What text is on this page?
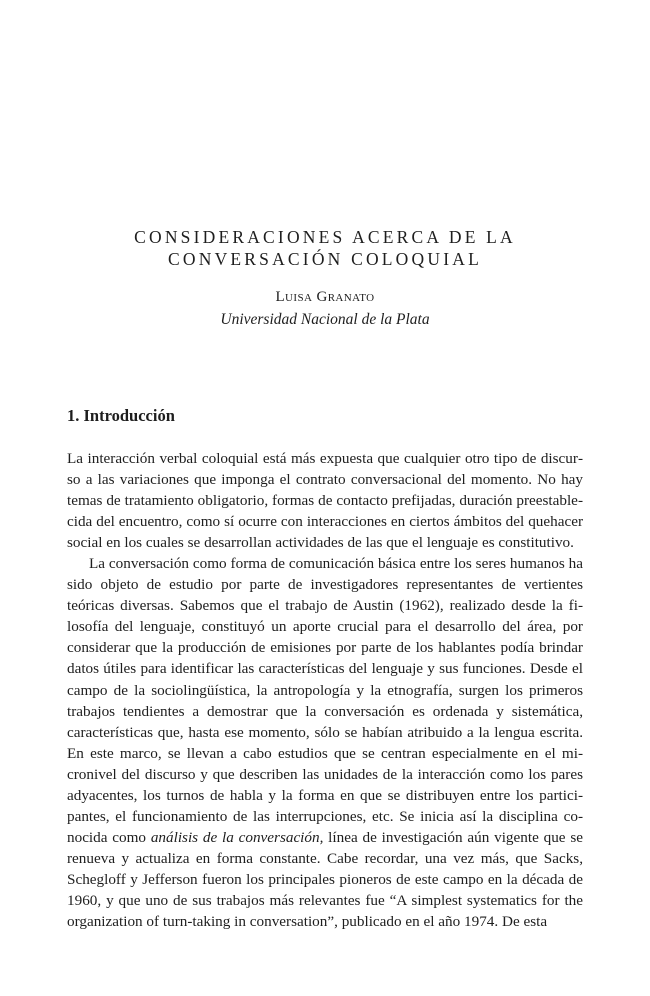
CONSIDERACIONES ACERCA DE LA
CONVERSACIÓN COLOQUIAL
Luisa Granato
Universidad Nacional de la Plata
1. Introducción

La interacción verbal coloquial está más expuesta que cualquier otro tipo de discurso a las variaciones que imponga el contrato conversacional del momento. No hay temas de tratamiento obligatorio, formas de contacto prefijadas, duración preestablecida del encuentro, como sí ocurre con interacciones en ciertos ámbitos del quehacer social en los cuales se desarrollan actividades de las que el lenguaje es constitutivo.

La conversación como forma de comunicación básica entre los seres humanos ha sido objeto de estudio por parte de investigadores representantes de vertientes teóricas diversas. Sabemos que el trabajo de Austin (1962), realizado desde la filosofía del lenguaje, constituyó un aporte crucial para el desarrollo del área, por considerar que la producción de emisiones por parte de los hablantes podía brindar datos útiles para identificar las características del lenguaje y sus funciones. Desde el campo de la sociolingüística, la antropología y la etnografía, surgen los primeros trabajos tendientes a demostrar que la conversación es ordenada y sistemática, características que, hasta ese momento, sólo se habían atribuido a la lengua escrita. En este marco, se llevan a cabo estudios que se centran especialmente en el micronivel del discurso y que describen las unidades de la interacción como los pares adyacentes, los turnos de habla y la forma en que se distribuyen entre los participantes, el funcionamiento de las interrupciones, etc. Se inicia así la disciplina conocida como análisis de la conversación, línea de investigación aún vigente que se renueva y actualiza en forma constante. Cabe recordar, una vez más, que Sacks, Schegloff y Jefferson fueron los principales pioneros de este campo en la década de 1960, y que uno de sus trabajos más relevantes fue “A simplest systematics for the organization of turn-taking in conversation”, publicado en el año 1974. De esta
